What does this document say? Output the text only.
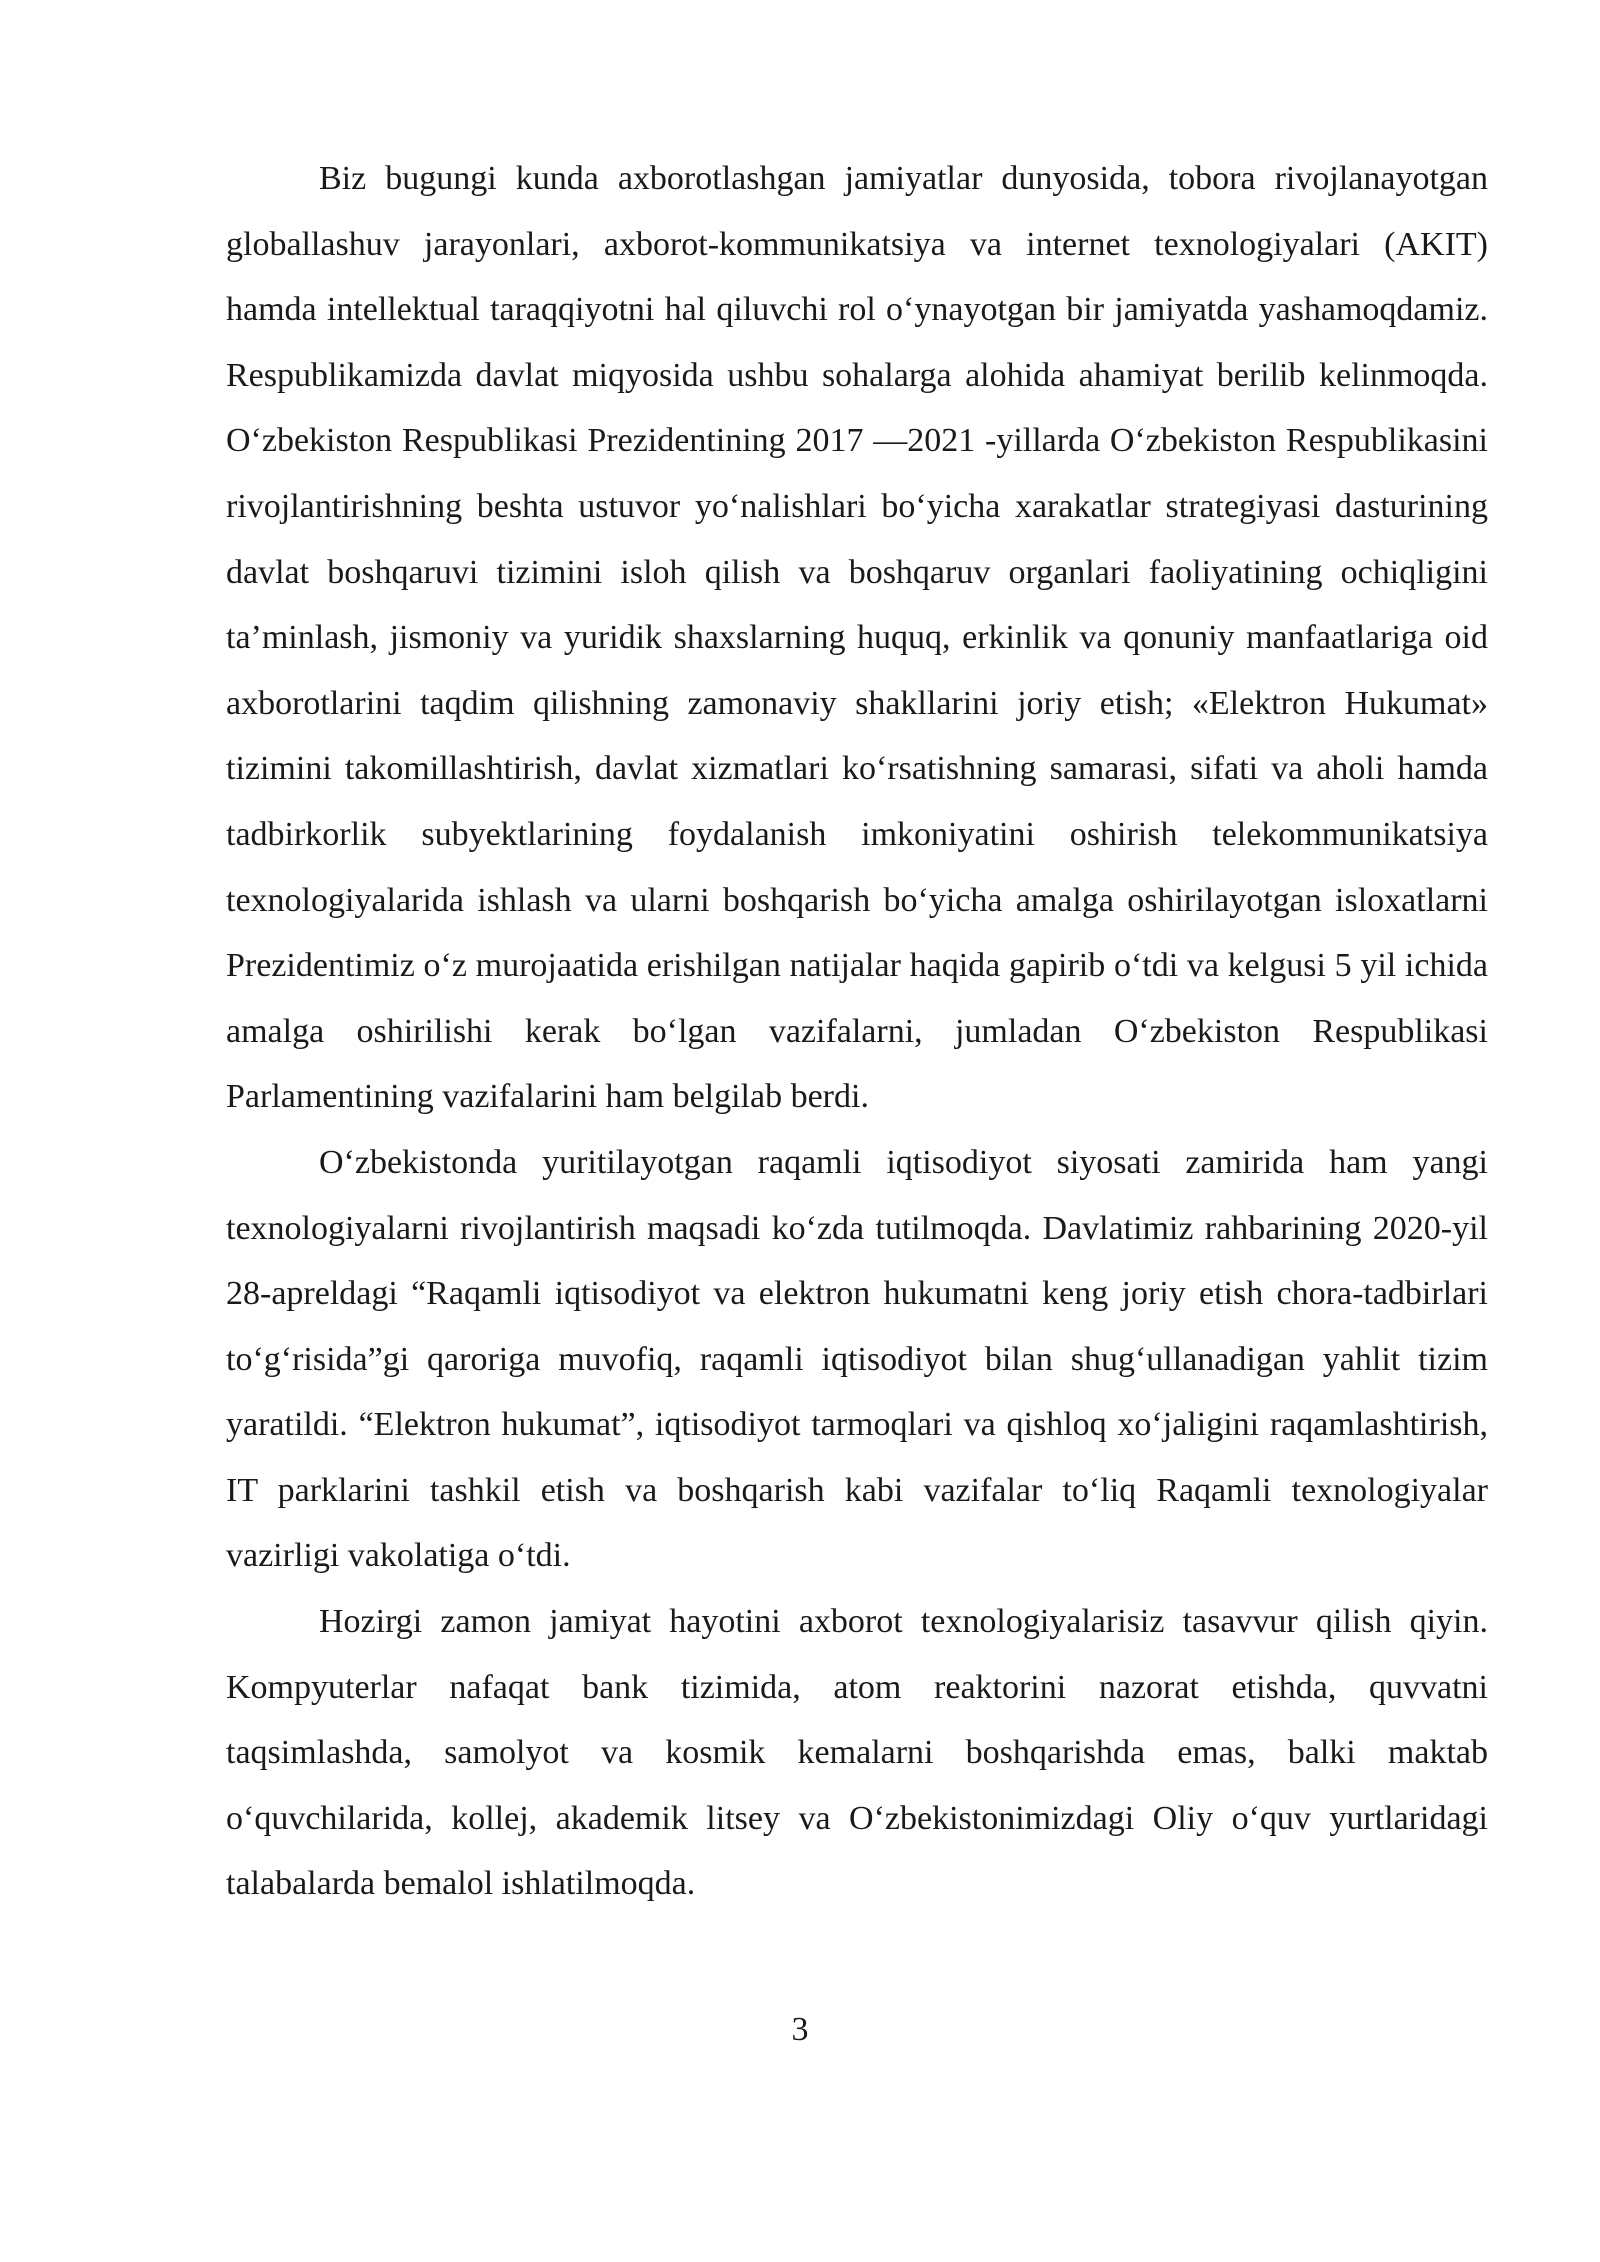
Biz bugungi kunda axborotlashgan jamiyatlar dunyosida, tobora rivojlanayotgan globallashuv jarayonlari, axborot-kommunikatsiya va internet texnologiyalari (AKIT) hamda intellektual taraqqiyotni hal qiluvchi rol o‘ynayotgan bir jamiyatda yashamoqdamiz. Respublikamizda davlat miqyosida ushbu sohalarga alohida ahamiyat berilib kelinmoqda. O‘zbekiston Respublikasi Prezidentining 2017 —2021 -yillarda O‘zbekiston Respublikasini rivojlantirishning beshta ustuvor yo‘nalishlari bo‘yicha xarakatlar strategiyasi dasturining davlat boshqaruvi tizimini isloh qilish va boshqaruv organlari faoliyatining ochiqligini ta’minlash, jismoniy va yuridik shaxslarning huquq, erkinlik va qonuniy manfaatlariga oid axborotlarini taqdim qilishning zamonaviy shakllarini joriy etish; «Elektron Hukumat» tizimini takomillashtirish, davlat xizmatlari ko‘rsatishning samarasi, sifati va aholi hamda tadbirkorlik subyektlarining foydalanish imkoniyatini oshirish telekommunikatsiya texnologiyalarida ishlash va ularni boshqarish bo‘yicha amalga oshirilayotgan isloxatlarni Prezidentimiz o‘z murojaatida erishilgan natijalar haqida gapirib o‘tdi va kelgusi 5 yil ichida amalga oshirilishi kerak bo‘lgan vazifalarni, jumladan O‘zbekiston Respublikasi Parlamentining vazifalarini ham belgilab berdi.

O‘zbekistonda yuritilayotgan raqamli iqtisodiyot siyosati zamirida ham yangi texnologiyalarni rivojlantirish maqsadi ko‘zda tutilmoqda. Davlatimiz rahbarining 2020-yil 28-apreldagi “Raqamli iqtisodiyot va elektron hukumatni keng joriy etish chora-tadbirlari to‘g‘risida”gi qaroriga muvofiq, raqamli iqtisodiyot bilan shug‘ullanadigan yahlit tizim yaratildi. “Elektron hukumat”, iqtisodiyot tarmoqlari va qishloq xo‘jaligini raqamlashtirish, IT parklarini tashkil etish va boshqarish kabi vazifalar to‘liq Raqamli texnologiyalar vazirligi vakolatiga o‘tdi.

Hozirgi zamon jamiyat hayotini axborot texnologiyalarisiz tasavvur qilish qiyin. Kompyuterlar nafaqat bank tizimida, atom reaktorini nazorat etishda, quvvatni taqsimlashda, samolyot va kosmik kemalarni boshqarishda emas, balki maktab o‘quvchilarida, kollej, akademik litsey va O‘zbekistonimizdagi Oliy o‘quv yurtlaridagi talabalarda bemalol ishlatilmoqda.

3
